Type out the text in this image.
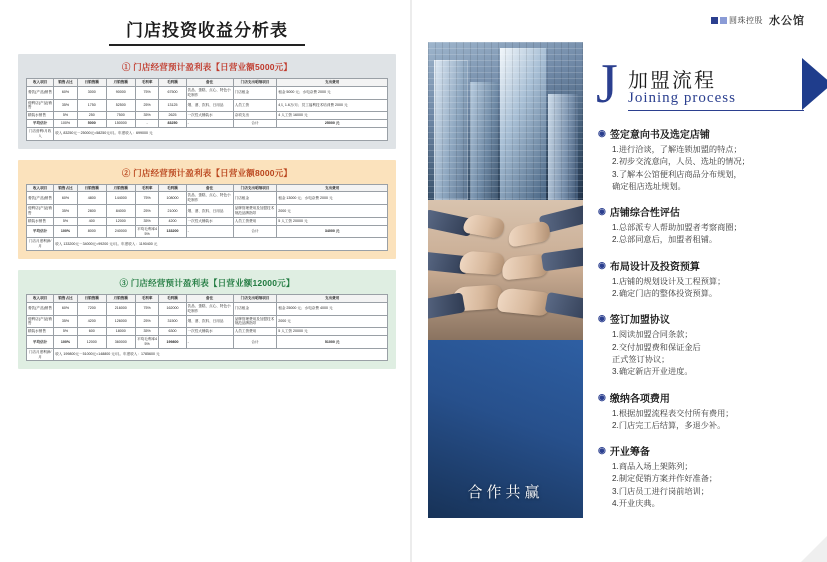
门店投资收益分析表
① 门店经营预计盈利表【日营业额5000元】
收入项目	销售占比	日销售额	月销售额	毛利率	毛利额	备注	门店支出明细项目	支出费用
餐饮(产品)销售	60%	3000	90000	75%	67500	饮品、蛋糕、点心、特色小吃制作	门店租金	租金 5000 元；水电杂费 2000 元
便利店(产品)销售	35%	1750	52500	25%	13125	烟、酒、饮料、日用品	人员工资	4人 1.6万/月；员工福利技术培训费 2000 元
精装水销售	5%	250	7500	35%	2625	一次性大桶装水	杂项支出	4 人工资 16000 元
平均估计	100%	5000	150000	-	83250	-	合计	25000 元
门店营利/月收入	收入 83250元－25000元=58250元/月。年度收入：699000 元							
② 门店经营预计盈利表【日营业额8000元】
收入项目	销售占比	日销售额	月销售额	毛利率	毛利额	备注	门店支出明细项目	支出费用
餐饮(产品)销售	60%	4800	144000	75%	108000	饮品、蛋糕、点心、特色小吃制作	门店租金	租金 13000 元；水电杂费 2000 元
便利店(产品)销售	35%	2800	84000	25%	21000	烟、酒、饮料、日用品	品牌管理费用及加盟技术规范品牌指导	2000 元
精装水销售	5%	400	12000	35%	4200	一次性大桶装水	人员工资费用	5 人工资 20000 元
平均估计	100%	8000	240000	平均毛利率45%	133200	-	合计	34000 元
门店月度利润/月	收入 133200元－34000元=99200 元/月。年度收入：1190400 元							
③ 门店经营预计盈利表【日营业额12000元】
收入项目	销售占比	日销售额	月销售额	毛利率	毛利额	备注	门店支出明细项目	支出费用
餐饮(产品)销售	60%	7200	216000	75%	162000	饮品、蛋糕、点心、特色小吃制作	门店租金	租金 25000 元；水电杂费 4000 元
便利店(产品)销售	35%	4200	126000	25%	31500	烟、酒、饮料、日用品	品牌管理费用及加盟技术规范品牌指导	2000 元
精装水销售	5%	600	18000	35%	6300	一次性大桶装水	人员工资费用	5 人工资 20000 元
平均估计	100%	12000	360000	平均毛利率45%	199800	-	合计	51000 元
门店月度利润/月	收入 199800元－51000元=148800 元/月。年度收入：1785600 元							
圆珠控股 水公馆
合作共赢
J 加盟流程
Joining process
◉ 签定意向书及选定店铺
1.进行洽谈，了解连锁加盟的特点；
2.初步交流意向，人员、选址的情况；
3.了解本公馆便利店商品分布规划，
确定租店选址规划。
◉ 店铺综合性评估
1.总部派专人帮助加盟者考察商圈；
2.总部同意后，加盟者租铺。
◉ 布局设计及投资预算
1.店铺的规划设计及工程预算；
2.确定门店的整体投资预算。
◉ 签订加盟协议
1.阅读加盟合同条款；
2.交付加盟费和保证金后
正式签订协议；
3.确定新店开业进度。
◉ 缴纳各项费用
1.根据加盟流程表交付所有费用；
2.门店完工后结算，多退少补。
◉ 开业筹备
1.商品入场上架陈列；
2.制定促销方案并作好准备；
3.门店员工进行岗前培训；
4.开业庆典。
